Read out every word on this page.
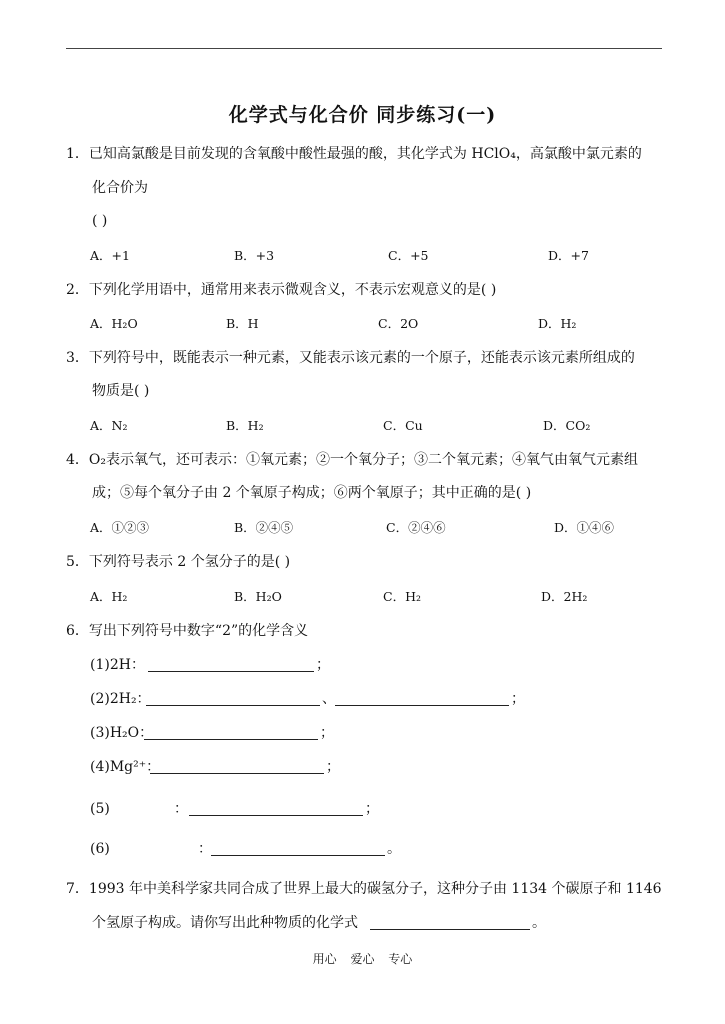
化学式与化合价 同步练习(一)
1．已知高氯酸是目前发现的含氧酸中酸性最强的酸，其化学式为 HClO₄，高氯酸中氯元素的
化合价为
( )
A．+1	B．+3	C．+5	D．+7
2．下列化学用语中，通常用来表示微观含义，不表示宏观意义的是( )
A．H₂O	B．H	C．2O	D．H₂
3．下列符号中，既能表示一种元素，又能表示该元素的一个原子，还能表示该元素所组成的
物质是( )
A．N₂	B．H₂	C．Cu	D．CO₂
4．O₂表示氧气，还可表示：①氧元素；②一个氧分子；③二个氧元素；④氧气由氧气元素组
成；⑤每个氧分子由 2 个氧原子构成；⑥两个氧原子；其中正确的是( )
A．①②③	B．②④⑤	C．②④⑥	D．①④⑥
5．下列符号表示 2 个氢分子的是( )
A．H₂	B．H₂O	C．H₂	D．2H₂
6．写出下列符号中数字“2”的化学含义
(1)2H：	；
(2)2H₂：	、	；
(3)H₂O：	；
(4)Mg²⁺：	；
(5)	：	；
(6)	：	。
7．1993 年中美科学家共同合成了世界上最大的碳氢分子，这种分子由 1134 个碳原子和 1146
个氢原子构成。请你写出此种物质的化学式	。
用心 爱心 专心
